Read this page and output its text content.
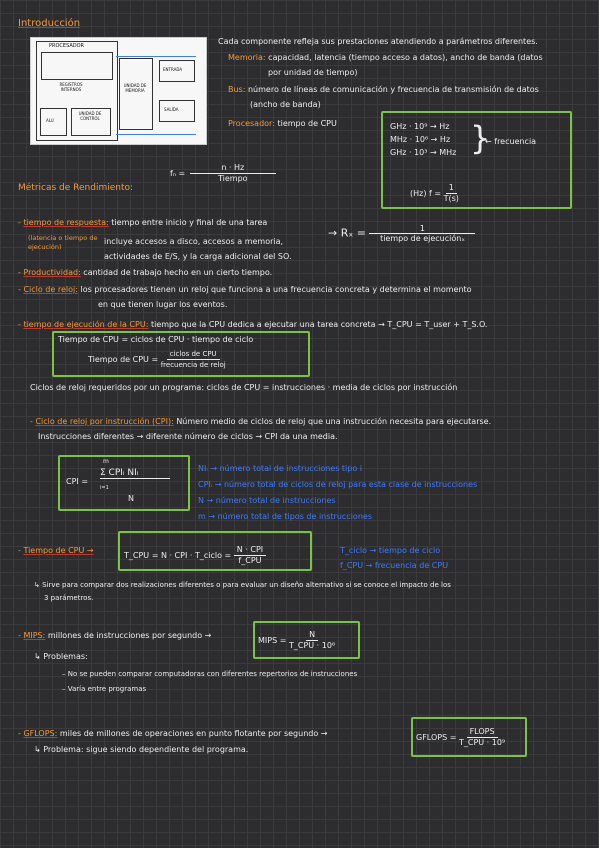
Introducción
PROCESADOR
REGISTROS INTERNOS
ALU
UNIDAD DE CONTROL
UNIDAD DE MEMORIA
ENTRADA
SALIDA
Cada componente refleja sus prestaciones atendiendo a parámetros diferentes.
Memoria: capacidad, latencia (tiempo acceso a datos), ancho de banda (datos
por unidad de tiempo)
Bus: número de líneas de comunicación y frecuencia de transmisión de datos
(ancho de banda)
Procesador: tiempo de CPU	GHz · 10⁹ → Hz
MHz · 10⁶ → Hz
GHz · 10³ → MHz }
← frecuencia
(Hz) $f = \frac{1}{T(s)}$
$f_n = \frac{n \cdot Hz}{\text{Tiempo}}$
Métricas de Rendimiento:
- tiempo de respuesta: tiempo entre inicio y final de una tarea
(latencia o tiempo de ejecución)
incluye accesos a disco, accesos a memoria,
actividades de E/S, y la carga adicional del SO.
→ $R_x = \frac{1}{\text{tiempo de ejecuciónₓ}}$
- Productividad: cantidad de trabajo hecho en un cierto tiempo.
- Ciclo de reloj: los procesadores tienen un reloj que funciona a una frecuencia concreta y determina el momento
en que tienen lugar los eventos.
- tiempo de ejecución de la CPU: tiempo que la CPU dedica a ejecutar una tarea concreta → T_CPU = T_user + T_S.O.
Tiempo de CPU = ciclos de CPU · tiempo de ciclo
Tiempo de CPU = $\frac{\text{ciclos de CPU}}{\text{frecuencia de reloj}}$
Ciclos de reloj requeridos por un programa: ciclos de CPU = instrucciones · media de ciclos por instrucción
- Ciclo de reloj por instrucción (CPI): Número medio de ciclos de reloj que una instrucción necesita para ejecutarse.
Instrucciones diferentes → diferente número de ciclos → CPI da una media.
CPI =
m
i=1
Σ CPIᵢ NIᵢ
N
NIᵢ → número total de instrucciones tipo i
CPIᵢ → número total de ciclos de reloj para esta clase de instrucciones
N → número total de instrucciones
m → número total de tipos de instrucciones
- Tiempo de CPU →
T_CPU = N · CPI · T_ciclo = $\frac{\text{N · CPI}}{\text{f\_CPU}}$	T_ciclo → tiempo de ciclo
f_CPU → frecuencia de CPU
↳ Sirve para comparar dos realizaciones diferentes o para evaluar un diseño alternativo si se conoce el impacto de los
3 parámetros.
- MIPS: millones de instrucciones por segundo →
MIPS = $\frac{N}{\text{T\_CPU · 10⁶}}$
↳ Problemas:
– No se pueden comparar computadoras con diferentes repertorios de instrucciones
– Varía entre programas
- GFLOPS: miles de millones de operaciones en punto flotante por segundo →	GFLOPS = $\frac{\text{FLOPS}}{\text{T\_CPU · 10⁹}}$
↳ Problema: sigue siendo dependiente del programa.
